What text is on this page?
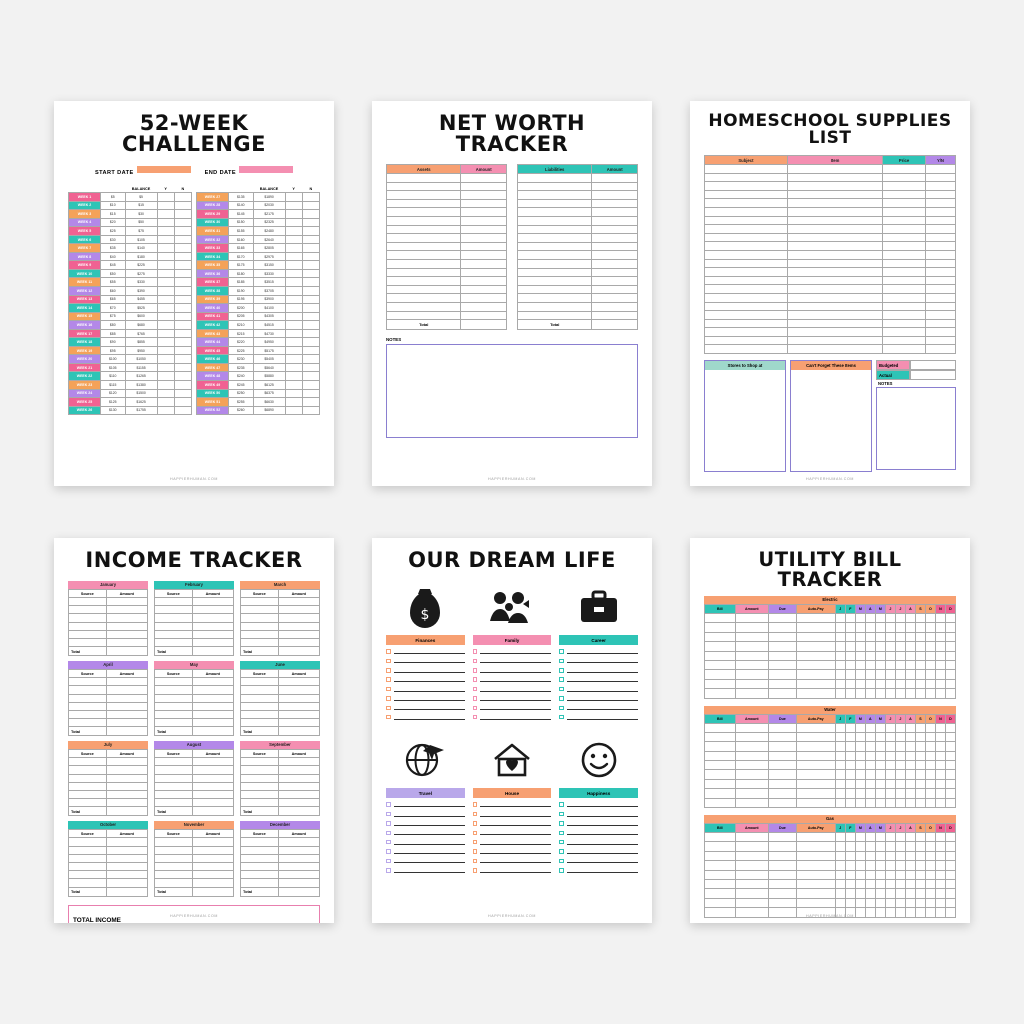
52-WEEK CHALLENGE
START DATE	END DATE
		BALANCE	Y	N
WEEK 1	$5	$5		
WEEK 2	$10	$15		
WEEK 3	$15	$30		
WEEK 4	$20	$50		
WEEK 5	$25	$75		
WEEK 6	$30	$105		
WEEK 7	$35	$140		
WEEK 8	$40	$180		
WEEK 9	$45	$225		
WEEK 10	$50	$275		
WEEK 11	$55	$330		
WEEK 12	$60	$390		
WEEK 13	$65	$455		
WEEK 14	$70	$525		
WEEK 15	$75	$600		
WEEK 16	$80	$680		
WEEK 17	$85	$765		
WEEK 18	$90	$855		
WEEK 19	$95	$950		
WEEK 20	$100	$1050		
WEEK 21	$105	$1155		
WEEK 22	$110	$1265		
WEEK 23	$115	$1380		
WEEK 24	$120	$1500		
WEEK 25	$125	$1625		
WEEK 26	$130	$1755		
		BALANCE	Y	N
WEEK 27	$135	$1890		
WEEK 28	$140	$2030		
WEEK 29	$145	$2175		
WEEK 30	$150	$2325		
WEEK 31	$155	$2480		
WEEK 32	$160	$2640		
WEEK 33	$165	$2805		
WEEK 34	$170	$2975		
WEEK 35	$175	$3150		
WEEK 36	$180	$3330		
WEEK 37	$185	$3515		
WEEK 38	$190	$3705		
WEEK 39	$195	$3900		
WEEK 40	$200	$4100		
WEEK 41	$205	$4305		
WEEK 42	$210	$4515		
WEEK 43	$215	$4730		
WEEK 44	$220	$4950		
WEEK 45	$225	$5175		
WEEK 46	$230	$5405		
WEEK 47	$235	$5640		
WEEK 48	$240	$5880		
WEEK 49	$245	$6125		
WEEK 50	$250	$6375		
WEEK 51	$255	$6630		
WEEK 52	$260	$6890		
HAPPIERHUMAN.COM
NET WORTH TRACKER
Assets	Amount

Total	
Liabilities	Amount

Total	
NOTES
HAPPIERHUMAN.COM
HOMESCHOOL SUPPLIES LIST
Subject	Item	Price	Y/N

Stores to Shop at	Can't Forget These Items	Budgeted
Actual
NOTES
HAPPIERHUMAN.COM
INCOME TRACKER
January
Source	Amount

Total	
February
Source	Amount

Total	
March
Source	Amount

Total	
April
Source	Amount

Total	
May
Source	Amount

Total	
June
Source	Amount

Total	
July
Source	Amount

Total	
August
Source	Amount

Total	
September
Source	Amount

Total	
October
Source	Amount

Total	
November
Source	Amount

Total	
December
Source	Amount

Total	
TOTAL INCOME
HAPPIERHUMAN.COM
OUR DREAM LIFE
$
Finances	Family	Career
Travel	House	Happiness
HAPPIERHUMAN.COM
UTILITY BILL TRACKER
Electric
Bill	Amount	Due	Auto-Pay	J	F	M	A	M	J	J	A	S	O	N	D

Water
Bill	Amount	Due	Auto-Pay	J	F	M	A	M	J	J	A	S	O	N	D

Gas
Bill	Amount	Due	Auto-Pay	J	F	M	A	M	J	J	A	S	O	N	D

HAPPIERHUMAN.COM
